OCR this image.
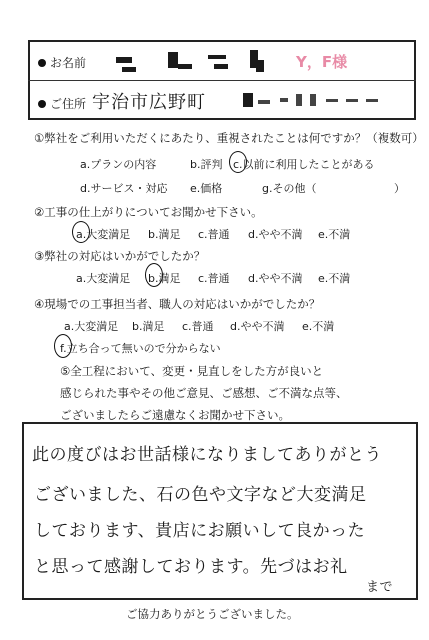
お名前	Y，F様
ご住所 宇治市広野町
①弊社をご利用いただくにあたり、重視されたことは何ですか？（複数可）
a.プランの内容	b.評判 c.以前に利用したことがある
d.サービス・対応 e.価格	g.その他（	）
②工事の仕上がりについてお聞かせ下さい。
a.大変満足 b.満足 c.普通 d.やや不満 e.不満
③弊社の対応はいかがでしたか？
a.大変満足 b.満足 c.普通 d.やや不満 e.不満
④現場での工事担当者、職人の対応はいかがでしたか？
a.大変満足 b.満足 c.普通 d.やや不満 e.不満
f.立ち合って無いので分からない
⑤全工程において、変更・見直しをした方が良いと
感じられた事やその他ご意見、ご感想、ご不満な点等、
ございましたらご遠慮なくお聞かせ下さい。
此の度びはお世話様になりましてありがとう
ございました、石の色や文字など大変満足
しております、貴店にお願いして良かった
と思って感謝しております。先づはお礼
まで
ご協力ありがとうございました。
